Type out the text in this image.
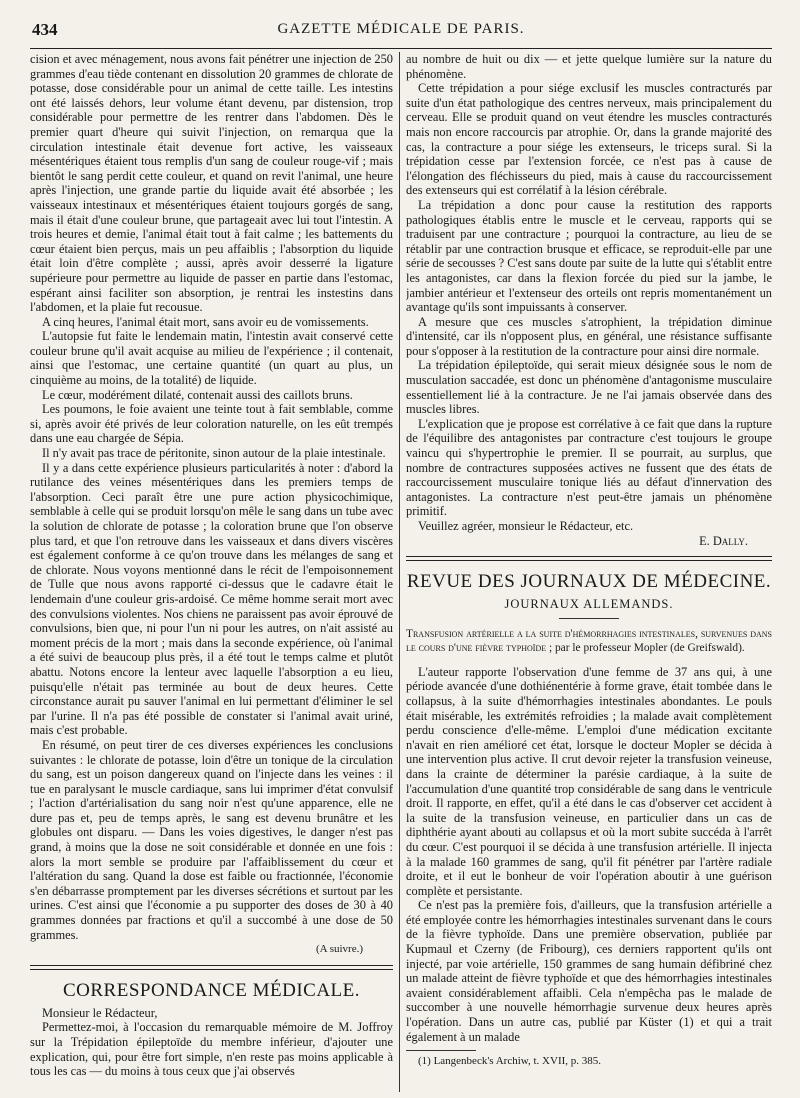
434	GAZETTE MÉDICALE DE PARIS.

cision et avec ménagement, nous avons fait pénétrer une injection de 250 grammes d'eau tiède contenant en dissolution 20 grammes de chlorate de potasse, dose considérable pour un animal de cette taille. Les intestins ont été laissés dehors, leur volume étant devenu, par distension, trop considérable pour permettre de les rentrer dans l'abdomen. Dès le premier quart d'heure qui suivit l'injection, on remarqua que la circulation intestinale était devenue fort active, les vaisseaux mésentériques étaient tous remplis d'un sang de couleur rouge-vif ; mais bientôt le sang perdit cette couleur, et quand on revit l'animal, une heure après l'injection, une grande partie du liquide avait été absorbée ; les vaisseaux intestinaux et mésentériques étaient toujours gorgés de sang, mais il était d'une couleur brune, que partageait avec lui tout l'intestin. A trois heures et demie, l'animal était tout à fait calme ; les battements du cœur étaient bien perçus, mais un peu affaiblis ; l'absorption du liquide était loin d'être complète ; aussi, après avoir desserré la ligature supérieure pour permettre au liquide de passer en partie dans l'estomac, espérant ainsi faciliter son absorption, je rentrai les instestins dans l'abdomen, et la plaie fut recousue.

A cinq heures, l'animal était mort, sans avoir eu de vomissements.

L'autopsie fut faite le lendemain matin, l'intestin avait conservé cette couleur brune qu'il avait acquise au milieu de l'expérience ; il contenait, ainsi que l'estomac, une certaine quantité (un quart au plus, un cinquième au moins, de la totalité) de liquide.

Le cœur, modérément dilaté, contenait aussi des caillots bruns.

Les poumons, le foie avaient une teinte tout à fait semblable, comme si, après avoir été privés de leur coloration naturelle, on les eût trempés dans une eau chargée de Sépia.

Il n'y avait pas trace de péritonite, sinon autour de la plaie intestinale.

Il y a dans cette expérience plusieurs particularités à noter : d'abord la rutilance des veines mésentériques dans les premiers temps de l'absorption. Ceci paraît être une pure action physicochimique, semblable à celle qui se produit lorsqu'on mêle le sang dans un tube avec la solution de chlorate de potasse ; la coloration brune que l'on observe plus tard, et que l'on retrouve dans les vaisseaux et dans divers viscères est également conforme à ce qu'on trouve dans les mélanges de sang et de chlorate. Nous voyons mentionné dans le récit de l'empoisonnement de Tulle que nous avons rapporté ci-dessus que le cadavre était le lendemain d'une couleur gris-ardoisé. Ce même homme serait mort avec des convulsions violentes. Nos chiens ne paraissent pas avoir éprouvé de convulsions, bien que, ni pour l'un ni pour les autres, on n'ait assisté au moment précis de la mort ; mais dans la seconde expérience, où l'animal a été suivi de beaucoup plus près, il a été tout le temps calme et plutôt abattu. Notons encore la lenteur avec laquelle l'absorption a eu lieu, puisqu'elle n'était pas terminée au bout de deux heures. Cette circonstance aurait pu sauver l'animal en lui permettant d'éliminer le sel par l'urine. Il n'a pas été possible de constater si l'animal avait uriné, mais c'est probable.

En résumé, on peut tirer de ces diverses expériences les conclusions suivantes : le chlorate de potasse, loin d'être un tonique de la circulation du sang, est un poison dangereux quand on l'injecte dans les veines : il tue en paralysant le muscle cardiaque, sans lui imprimer d'état convulsif ; l'action d'artérialisation du sang noir n'est qu'une apparence, elle ne dure pas et, peu de temps après, le sang est devenu brunâtre et les globules ont disparu. — Dans les voies digestives, le danger n'est pas grand, à moins que la dose ne soit considérable et donnée en une fois : alors la mort semble se produire par l'affaiblissement du cœur et l'altération du sang. Quand la dose est faible ou fractionnée, l'économie s'en débarrasse promptement par les diverses sécrétions et surtout par les urines. C'est ainsi que l'économie a pu supporter des doses de 30 à 40 grammes données par fractions et qu'il a succombé à une dose de 50 grammes.

(A suivre.)

CORRESPONDANCE MÉDICALE.

Monsieur le Rédacteur,

Permettez-moi, à l'occasion du remarquable mémoire de M. Joffroy sur la Trépidation épileptoïde du membre inférieur, d'ajouter une explication, qui, pour être fort simple, n'en reste pas moins applicable à tous les cas — du moins à tous ceux que j'ai observés

au nombre de huit ou dix — et jette quelque lumière sur la nature du phénomène.

Cette trépidation a pour siége exclusif les muscles contracturés par suite d'un état pathologique des centres nerveux, mais principalement du cerveau. Elle se produit quand on veut étendre les muscles contracturés mais non encore raccourcis par atrophie. Or, dans la grande majorité des cas, la contracture a pour siége les extenseurs, le triceps sural. Si la trépidation cesse par l'extension forcée, ce n'est pas à cause de l'élongation des fléchisseurs du pied, mais à cause du raccourcissement des extenseurs qui est corrélatif à la lésion cérébrale.

La trépidation a donc pour cause la restitution des rapports pathologiques établis entre le muscle et le cerveau, rapports qui se traduisent par une contracture ; pourquoi la contracture, au lieu de se rétablir par une contraction brusque et efficace, se reproduit-elle par une série de secousses ? C'est sans doute par suite de la lutte qui s'établit entre les antagonistes, car dans la flexion forcée du pied sur la jambe, le jambier antérieur et l'extenseur des orteils ont repris momentanément un avantage qu'ils sont impuissants à conserver.

A mesure que ces muscles s'atrophient, la trépidation diminue d'intensité, car ils n'opposent plus, en général, une résistance suffisante pour s'opposer à la restitution de la contracture pour ainsi dire normale.

La trépidation épileptoïde, qui serait mieux désignée sous le nom de musculation saccadée, est donc un phénomène d'antagonisme musculaire essentiellement lié à la contracture. Je ne l'ai jamais observée dans des muscles libres.

L'explication que je propose est corrélative à ce fait que dans la rupture de l'équilibre des antagonistes par contracture c'est toujours le groupe vaincu qui s'hypertrophie le premier. Il se pourrait, au surplus, que nombre de contractures supposées actives ne fussent que des états de raccourcissement musculaire tonique liés au défaut d'innervation des antagonistes. La contracture n'est peut-être jamais un phénomène primitif.

Veuillez agréer, monsieur le Rédacteur, etc.

E. Dally.

REVUE DES JOURNAUX DE MÉDECINE.
JOURNAUX ALLEMANDS.

Transfusion artérielle a la suite d'hémorrhagies intestinales, survenues dans le cours d'une fièvre typhoïde ; par le professeur Mopler (de Greifswald).

L'auteur rapporte l'observation d'une femme de 37 ans qui, à une période avancée d'une dothiénentérie à forme grave, était tombée dans le collapsus, à la suite d'hémorrhagies intestinales abondantes. Le pouls était misérable, les extrémités refroidies ; la malade avait complètement perdu conscience d'elle-même. L'emploi d'une médication excitante n'avait en rien amélioré cet état, lorsque le docteur Mopler se décida à une intervention plus active. Il crut devoir rejeter la transfusion veineuse, dans la crainte de déterminer la parésie cardiaque, à la suite de l'accumulation d'une quantité trop considérable de sang dans le ventricule droit. Il rapporte, en effet, qu'il a été dans le cas d'observer cet accident à la suite de la transfusion veineuse, en particulier dans un cas de diphthérie ayant abouti au collapsus et où la mort subite succéda à l'arrêt du cœur. C'est pourquoi il se décida à une transfusion artérielle. Il injecta à la malade 160 grammes de sang, qu'il fit pénétrer par l'artère radiale droite, et il eut le bonheur de voir l'opération aboutir à une guérison complète et persistante.

Ce n'est pas la première fois, d'ailleurs, que la transfusion artérielle a été employée contre les hémorrhagies intestinales survenant dans le cours de la fièvre typhoïde. Dans une première observation, publiée par Kupmaul et Czerny (de Fribourg), ces derniers rapportent qu'ils ont injecté, par voie artérielle, 150 grammes de sang humain défibriné chez un malade atteint de fièvre typhoïde et que des hémorrhagies intestinales avaient considérablement affaibli. Cela n'empêcha pas le malade de succomber à une nouvelle hémorrhagie survenue deux heures après l'opération. Dans un autre cas, publié par Küster (1) et qui a trait également à un malade

(1) Langenbeck's Archiw, t. XVII, p. 385.
